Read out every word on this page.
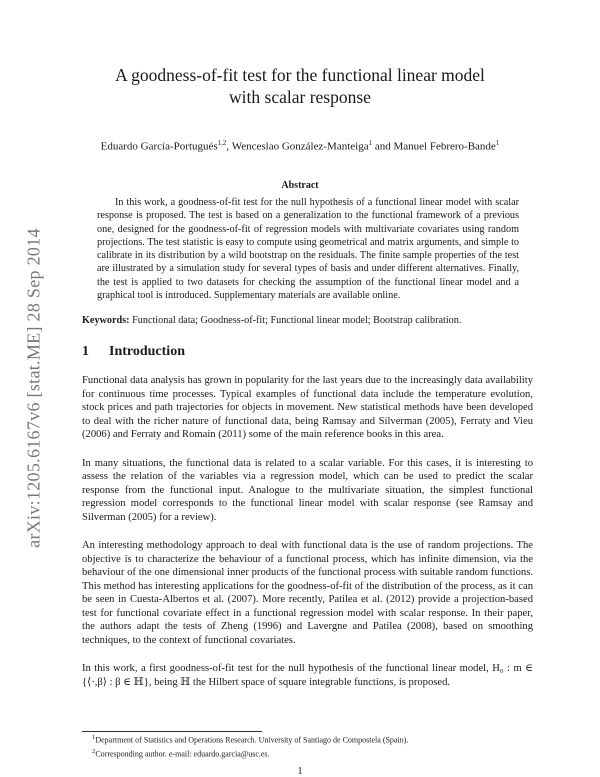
arXiv:1205.6167v6 [stat.ME] 28 Sep 2014
A goodness-of-fit test for the functional linear model
with scalar response
Eduardo García-Portugués$^{1,2}$, Wenceslao González-Manteiga$^1$ and Manuel Febrero-Bande$^1$
Abstract
In this work, a goodness-of-fit test for the null hypothesis of a functional linear model with scalar response is proposed. The test is based on a generalization to the functional framework of a previous one, designed for the goodness-of-fit of regression models with multivariate covariates using random projections. The test statistic is easy to compute using geometrical and matrix arguments, and simple to calibrate in its distribution by a wild bootstrap on the residuals. The finite sample properties of the test are illustrated by a simulation study for several types of basis and under different alternatives. Finally, the test is applied to two datasets for checking the assumption of the functional linear model and a graphical tool is introduced. Supplementary materials are available online.
Keywords: Functional data; Goodness-of-fit; Functional linear model; Bootstrap calibration.
1 Introduction

Functional data analysis has grown in popularity for the last years due to the increasingly data availability for continuous time processes. Typical examples of functional data include the temperature evolution, stock prices and path trajectories for objects in movement. New statistical methods have been developed to deal with the richer nature of functional data, being Ramsay and Silverman (2005), Ferraty and Vieu (2006) and Ferraty and Romain (2011) some of the main reference books in this area.

In many situations, the functional data is related to a scalar variable. For this cases, it is interesting to assess the relation of the variables via a regression model, which can be used to predict the scalar response from the functional input. Analogue to the multivariate situation, the simplest functional regression model corresponds to the functional linear model with scalar response (see Ramsay and Silverman (2005) for a review).

An interesting methodology approach to deal with functional data is the use of random projections. The objective is to characterize the behaviour of a functional process, which has infinite dimension, via the behaviour of the one dimensional inner products of the functional process with suitable random functions. This method has interesting applications for the goodness-of-fit of the distribution of the process, as it can be seen in Cuesta-Albertos et al. (2007). More recently, Patilea et al. (2012) provide a projection-based test for functional covariate effect in a functional regression model with scalar response. In their paper, the authors adapt the tests of Zheng (1996) and Lavergne and Patilea (2008), based on smoothing techniques, to the context of functional covariates.

In this work, a first goodness-of-fit test for the null hypothesis of the functional linear model, H₀ : m ∈ {⟨·,β⟩ : β ∈ ℍ}, being ℍ the Hilbert space of square integrable functions, is proposed.

$^1$Department of Statistics and Operations Research. University of Santiago de Compostela (Spain).
$^2$Corresponding author. e-mail: eduardo.garcia@usc.es.
1
